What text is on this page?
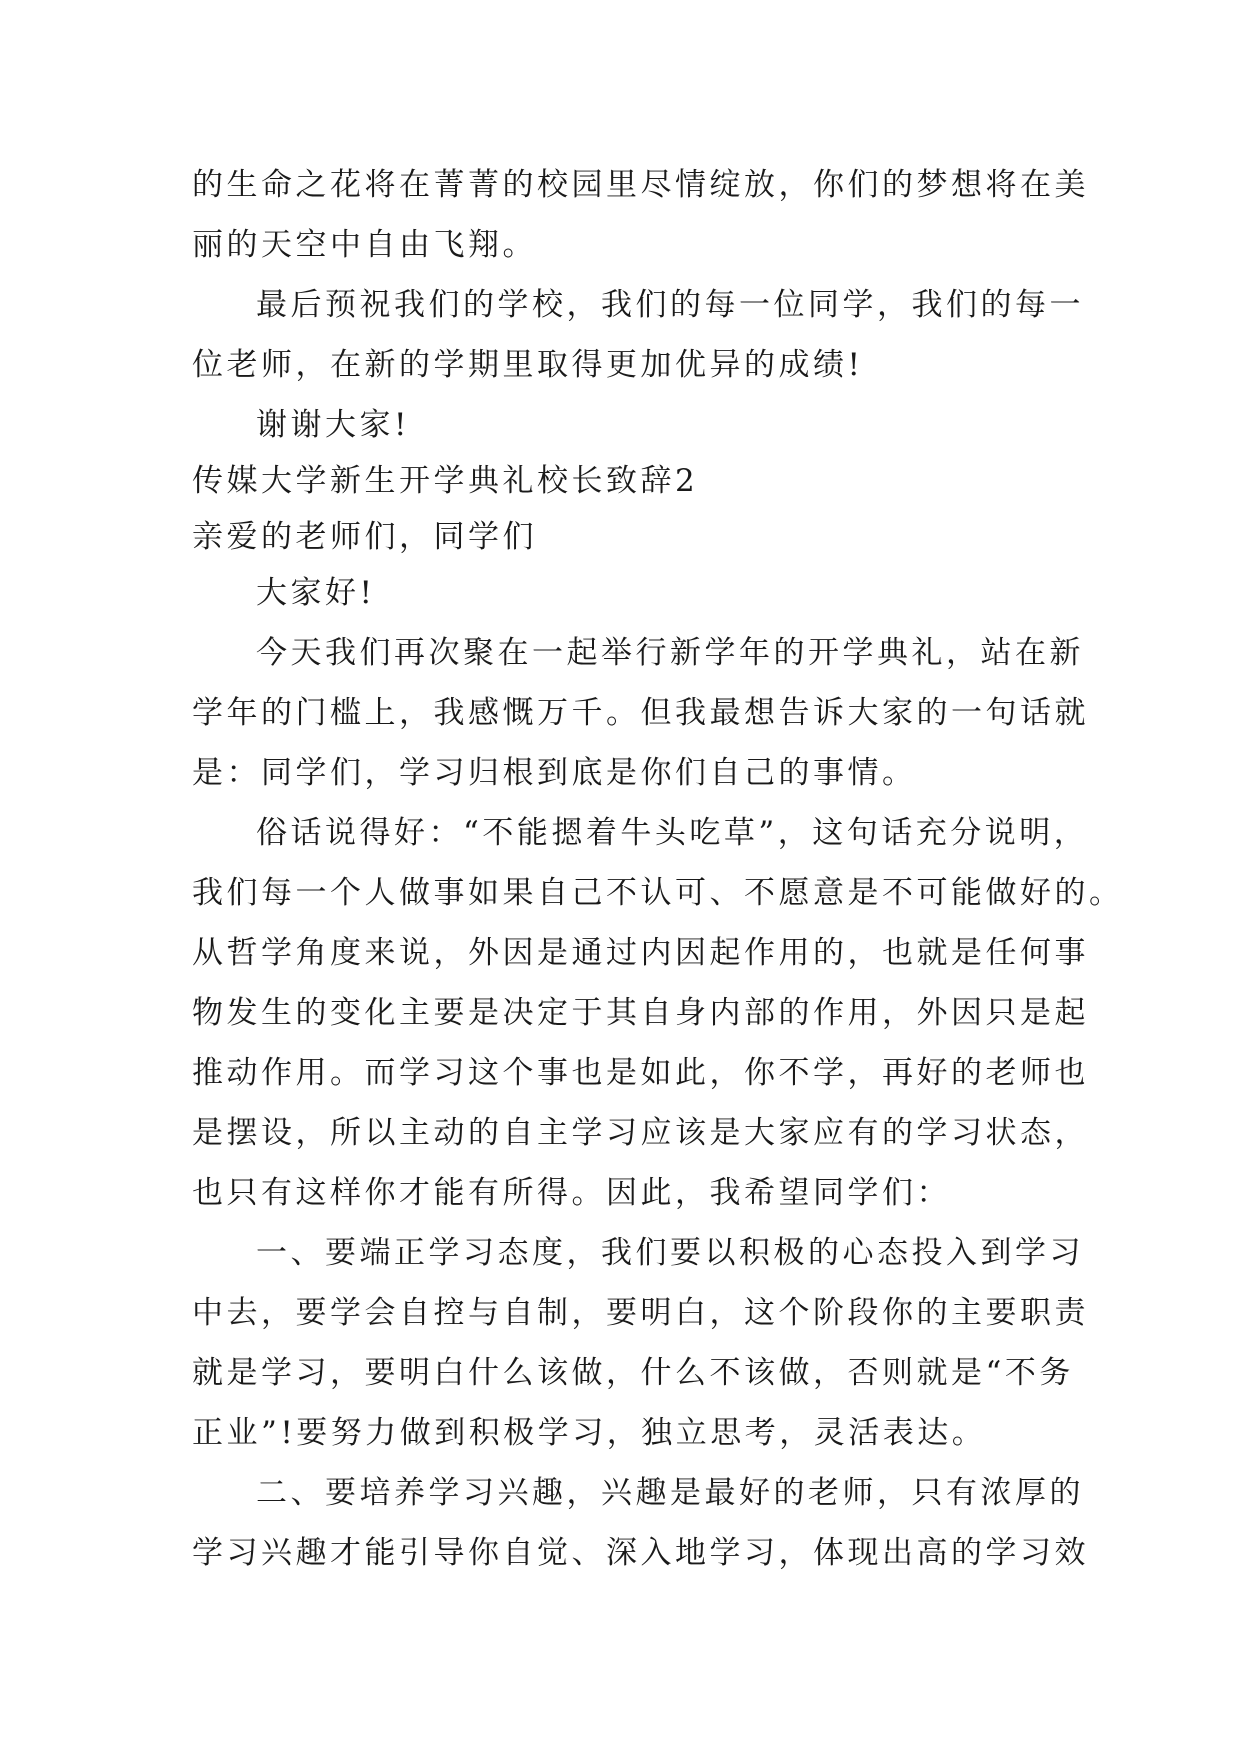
的生命之花将在菁菁的校园里尽情绽放，你们的梦想将在美
丽的天空中自由飞翔。
最后预祝我们的学校，我们的每一位同学，我们的每一
位老师，在新的学期里取得更加优异的成绩!
谢谢大家!
传媒大学新生开学典礼校长致辞2
亲爱的老师们，同学们
大家好!
今天我们再次聚在一起举行新学年的开学典礼，站在新
学年的门槛上，我感慨万千。但我最想告诉大家的一句话就
是：同学们，学习归根到底是你们自己的事情。
俗话说得好：“不能摁着牛头吃草”，这句话充分说明，
我们每一个人做事如果自己不认可、不愿意是不可能做好的。
从哲学角度来说，外因是通过内因起作用的，也就是任何事
物发生的变化主要是决定于其自身内部的作用，外因只是起
推动作用。而学习这个事也是如此，你不学，再好的老师也
是摆设，所以主动的自主学习应该是大家应有的学习状态，
也只有这样你才能有所得。因此，我希望同学们：
一、要端正学习态度，我们要以积极的心态投入到学习
中去，要学会自控与自制，要明白，这个阶段你的主要职责
就是学习，要明白什么该做，什么不该做，否则就是“不务
正业”!要努力做到积极学习，独立思考，灵活表达。
二、要培养学习兴趣，兴趣是最好的老师，只有浓厚的
学习兴趣才能引导你自觉、深入地学习，体现出高的学习效
